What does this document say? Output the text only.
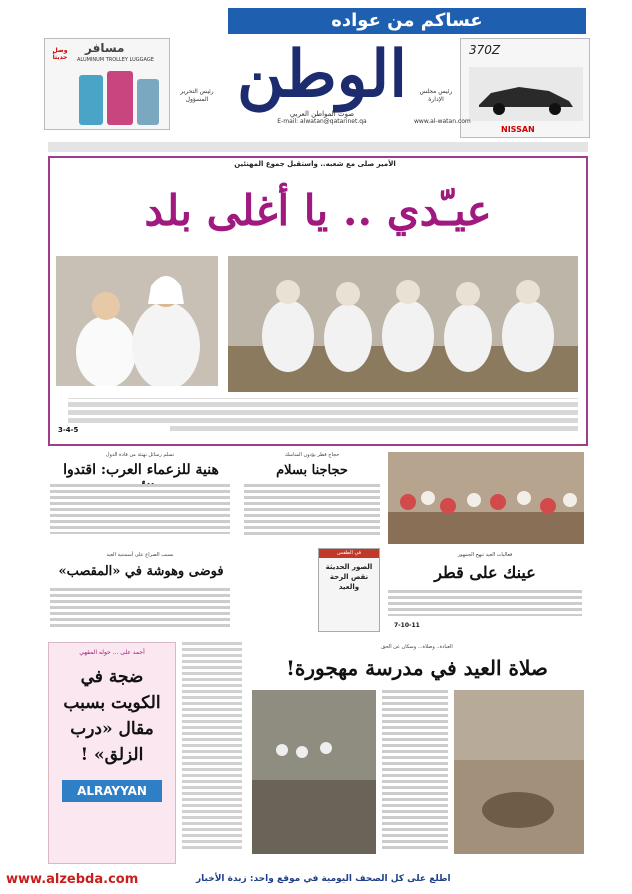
عساكم من عواده
370Z
NISSAN
الوطن
صوت المواطن العربي
E-mail: alwatan@qatarinet.qa	www.al-watan.com
رئيس مجلس الإدارة
رئيس التحرير المسؤول
مسافر
ALUMINUM TROLLEY LUGGAGE
وصل حديثاً
الأمير صلى مع شعبه.. واستقبل جموع المهنئين
عيـّدي .. يا أغلى بلد
3-4-5
تسلم رسائل تهنئة من قادة الدول
هنية للزعماء العرب: اقتدوا
حجاج قطر يؤدون المناسك
حجاجنا بسلام
بسبب الصراع على أسمنتية العيد
فوضى وهوشة في «المقصب»
في الطقس
الصور الحديثة نقص الرحة والعيد
فعاليات العيد تبهج الجمهور
عينك على قطر
7-10-11
أحمد على ... حوله المقهي
ضجة في الكويت بسبب مقال «درب الزلق» !
ALRAYYAN
العبادة.. وصلاة... وسكان عن الحق
صلاة العيد في مدرسة مهجورة!
www.alzebda.com	اطلع على كل الصحف اليومية في موقع واحد: زبدة الأخبار
